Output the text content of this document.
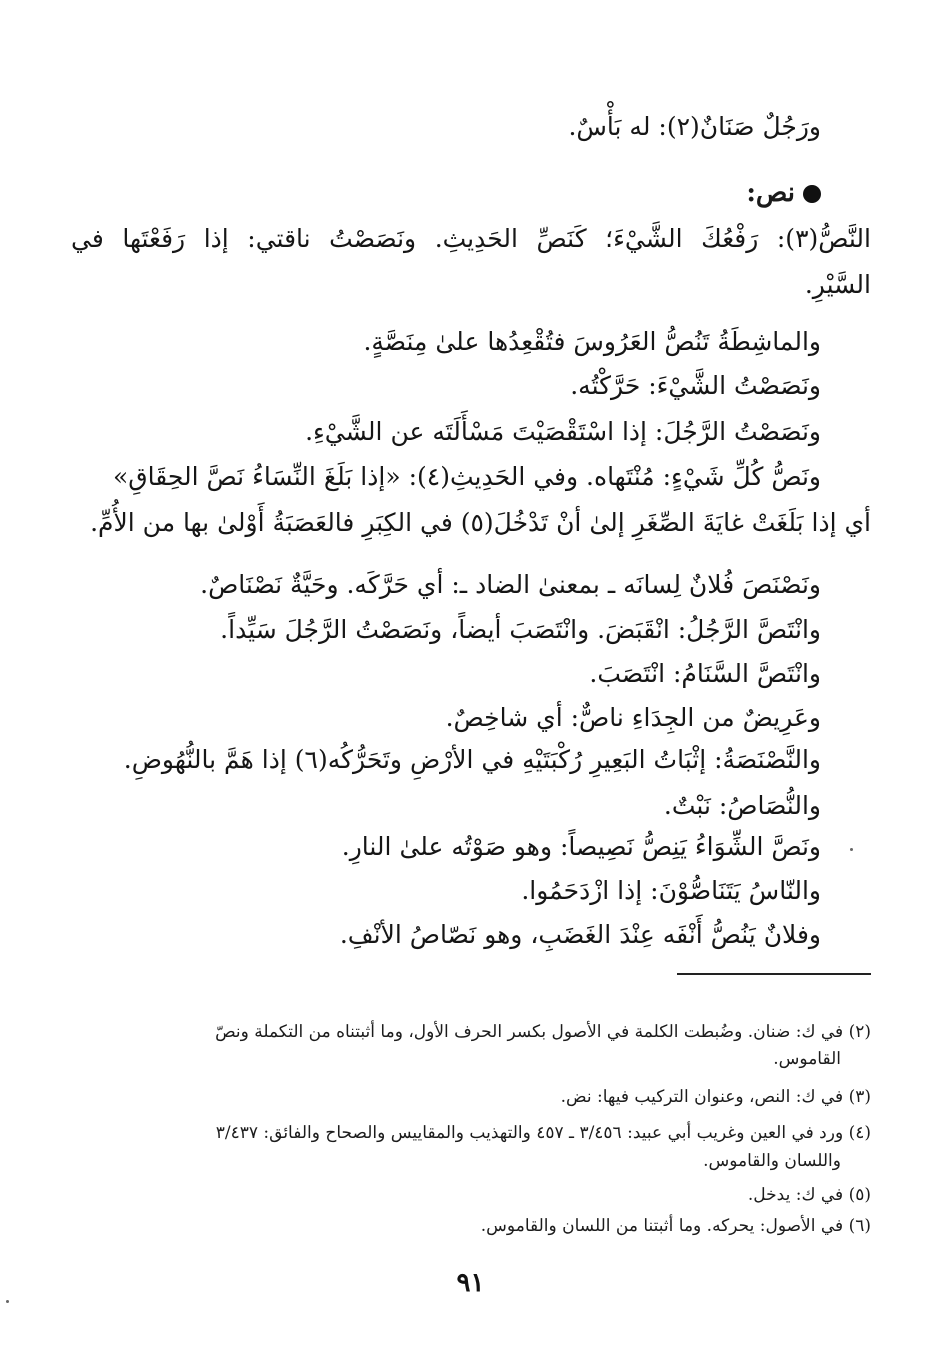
ورَجُلٌ صَنَانٌ(٢): له بَأْسٌ.
نص:
النَّصُّ(٣): رَفْعُكَ الشَّيْءَ؛ كَنَصِّ الحَدِيثِ. ونَصَصْتُ ناقتي: إذا رَفَعْتَها في
السَّيْرِ.
والماشِطَةُ تَنُصُّ العَرُوسَ فتُقْعِدُها علىٰ مِنَصَّةٍ.
ونَصَصْتُ الشَّيْءَ: حَرَّكْتُه.
ونَصَصْتُ الرَّجُلَ: إذا اسْتَقْصَيْتَ مَسْأَلَتَه عن الشَّيْءِ.
ونَصُّ كُلِّ شَيْءٍ: مُنْتَهاه. وفي الحَدِيثِ(٤): «إذا بَلَغَ النِّسَاءُ نَصَّ الحِقَاقِ»
أي إذا بَلَغَتْ غايَةَ الصِّغَرِ إلىٰ أنْ تَدْخُلَ(٥) في الكِبَرِ فالعَصَبَةُ أَوْلىٰ بها من الأُمِّ.
ونَصْنَصَ فُلانٌ لِسانَه ـ بمعنىٰ الضاد ـ: أي حَرَّكَه. وحَيَّةٌ نَصْنَاصٌ.
وانْتَصَّ الرَّجُلُ: انْقَبَضَ. وانْتَصَبَ أيضاً، ونَصَصْتُ الرَّجُلَ سَيِّداً.
وانْتَصَّ السَّنَامُ: انْتَصَبَ.
وعَرِيضٌ من الجِدَاءِ ناصٌّ: أي شاخِصٌ.
والنَّصْنَصَةُ: إثْبَاتُ البَعِيرِ رُكْبَتَيْهِ في الأرْضِ وتَحَرُّكُه(٦) إذا هَمَّ بالنُّهُوضِ.
والنُّصَاصُ: نَبْتٌ.
ونَصَّ الشِّوَاءُ يَنِصُّ نَصِيصاً: وهو صَوْتُه علىٰ النارِ.
والنّاسُ يَتَنَاصُّوْنَ: إذا ازْدَحَمُوا.
وفلانٌ يَنُصُّ أَنْفَه عِنْدَ الغَضَبِ، وهو نَصّاصُ الأنْفِ.
(٢) في ك: ضنان. وضُبطت الكلمة في الأصول بكسر الحرف الأول، وما أثبتناه من التكملة ونصّ
القاموس.
(٣) في ك: النص، وعنوان التركيب فيها: نض.
(٤) ورد في العين وغريب أبي عبيد: ٣/٤٥٦ ـ ٤٥٧ والتهذيب والمقاييس والصحاح والفائق: ٣/٤٣٧
واللسان والقاموس.
(٥) في ك: يدخل.
(٦) في الأصول: يحركه. وما أثبتنا من اللسان والقاموس.
٩١
